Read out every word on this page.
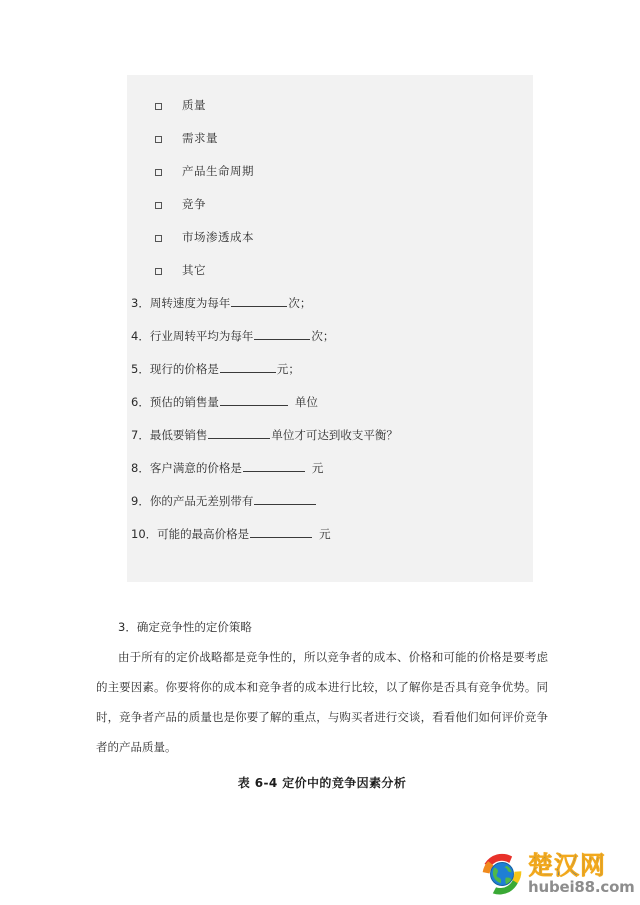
质量
需求量
产品生命周期
竞争
市场渗透成本
其它
3．周转速度为每年	次；
4．行业周转平均为每年	次；
5．现行的价格是	元；
6．预估的销售量	单位
7．最低要销售	单位才可达到收支平衡？
8．客户满意的价格是	元
9．你的产品无差别带有
10．可能的最高价格是	元
3．确定竞争性的定价策略

由于所有的定价战略都是竞争性的，所以竞争者的成本、价格和可能的价格是要考虑的主要因素。你要将你的成本和竞争者的成本进行比较，以了解你是否具有竞争优势。同时，竞争者产品的质量也是你要了解的重点，与购买者进行交谈，看看他们如何评价竞争者的产品质量。

表 6-4 定价中的竞争因素分析
楚汉网
hubei88.com
